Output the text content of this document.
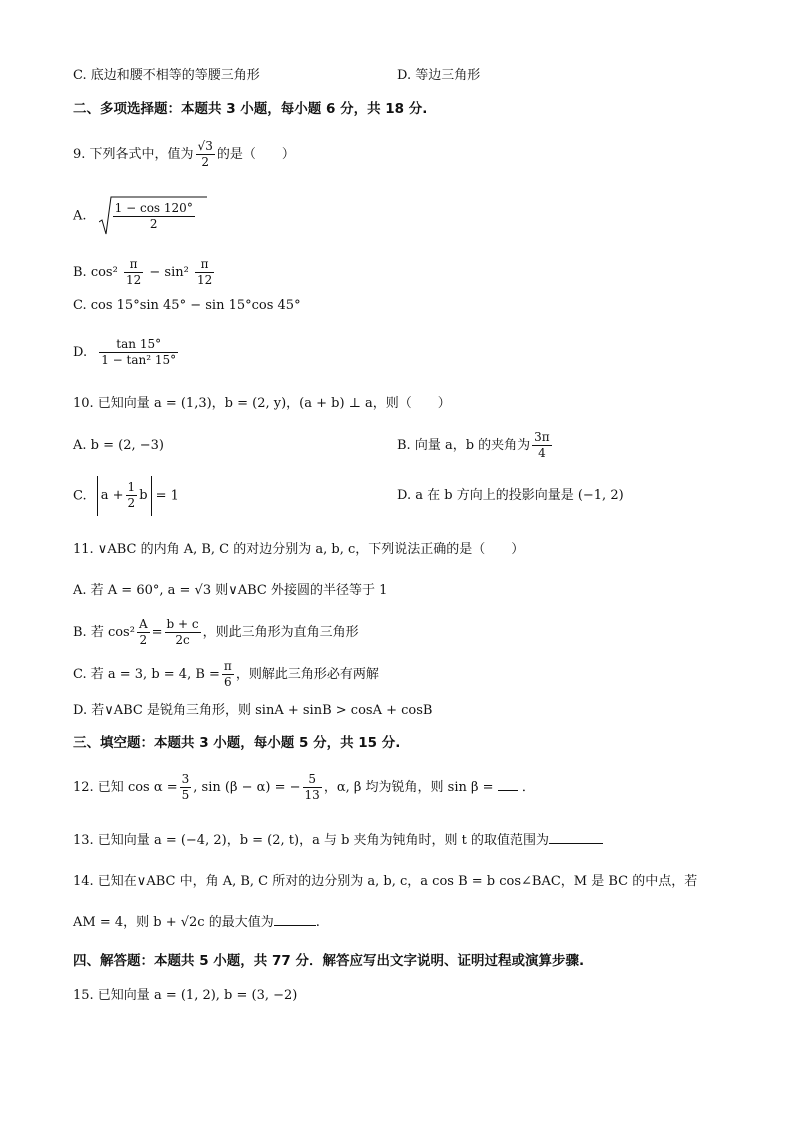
C. 底边和腰不相等的等腰三角形	D. 等边三角形
二、多项选择题：本题共 3 小题，每小题 6 分，共 18 分.
9. 下列各式中，值为 $\frac{√3}{2}$ 的是（　　）
A. $\frac{1 - \cos 120^\circ}{2}$
B. $\cos^2 \frac{\pi}{12} - \sin^2 \frac{\pi}{12}$
C. cos 15°sin 45° − sin 15°cos 45°
D. $\frac{\tan 15^\circ}{\text{1 − tan² 15°}}$
10. 已知向量 a = (1,3)，b = (2, y)，(a + b) ⊥ a，则（　　）
A. b = (2, −3)	B. 向量 a，b 的夹角为 $\frac{3\pi}{4}$
C. $a + \frac{1}{2}$ b = 1	D. a 在 b 方向上的投影向量是 (−1, 2)
11. ∨ABC 的内角 A, B, C 的对边分别为 a, b, c，下列说法正确的是（　　）
A. 若 A = 60°, a = √3 则∨ABC 外接圆的半径等于 1
B. 若 $\cos^2 \frac{A}{2} = \frac{b + c}{2c}$ ，则此三角形为直角三角形
C. 若 a = 3, b = 4, $B = \frac{\pi}{6}$ ，则解此三角形必有两解
D. 若∨ABC 是锐角三角形，则 sinA + sinB > cosA + cosB
三、填空题：本题共 3 小题，每小题 5 分，共 15 分.
12. 已知 $\cos \alpha = \frac{3}{5}$ , sin (β − α) = − $\frac{5}{13}$ ，α, β 均为锐角，则 sin β = ．
13. 已知向量 a = (−4, 2)，b = (2, t)，a 与 b 夹角为钝角时，则 t 的取值范围为
14. 已知在∨ABC 中，角 A, B, C 所对的边分别为 a, b, c，a cos B = b cos∠BAC，M 是 BC 的中点，若
AM = 4，则 b + √2c 的最大值为	.
四、解答题：本题共 5 小题，共 77 分．解答应写出文字说明、证明过程或演算步骤.
15. 已知向量 a = (1, 2), b = (3, −2)
